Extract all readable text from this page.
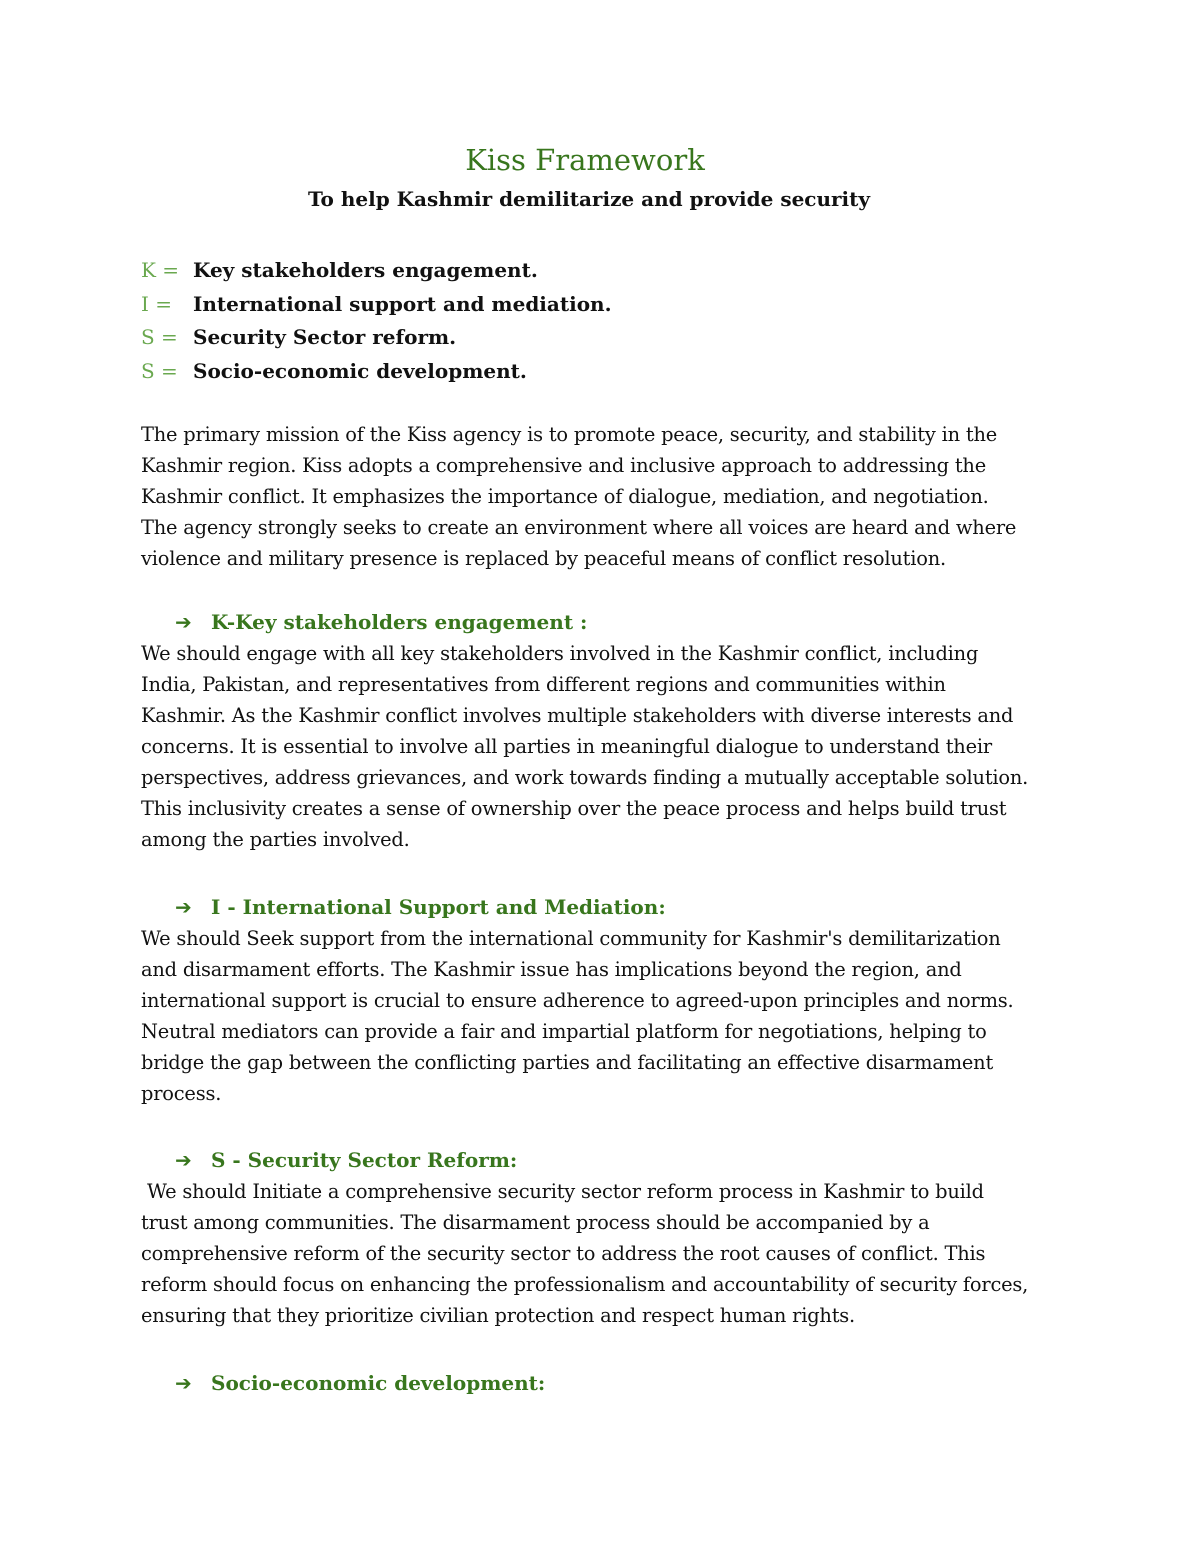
Kiss Framework
To help Kashmir demilitarize and provide security
K = Key stakeholders engagement.
I = International support and mediation.
S = Security Sector reform.
S = Socio-economic development.

The primary mission of the Kiss agency is to promote peace, security, and stability in the
Kashmir region. Kiss adopts a comprehensive and inclusive approach to addressing the
Kashmir conflict. It emphasizes the importance of dialogue, mediation, and negotiation.
The agency strongly seeks to create an environment where all voices are heard and where
violence and military presence is replaced by peaceful means of conflict resolution.

➔ K-Key stakeholders engagement :

We should engage with all key stakeholders involved in the Kashmir conflict, including
India, Pakistan, and representatives from different regions and communities within
Kashmir. As the Kashmir conflict involves multiple stakeholders with diverse interests and
concerns. It is essential to involve all parties in meaningful dialogue to understand their
perspectives, address grievances, and work towards finding a mutually acceptable solution.
This inclusivity creates a sense of ownership over the peace process and helps build trust
among the parties involved.

➔ I - International Support and Mediation:

We should Seek support from the international community for Kashmir's demilitarization
and disarmament efforts. The Kashmir issue has implications beyond the region, and
international support is crucial to ensure adherence to agreed-upon principles and norms.
Neutral mediators can provide a fair and impartial platform for negotiations, helping to
bridge the gap between the conflicting parties and facilitating an effective disarmament
process.

➔ S - Security Sector Reform:

We should Initiate a comprehensive security sector reform process in Kashmir to build
trust among communities. The disarmament process should be accompanied by a
comprehensive reform of the security sector to address the root causes of conflict. This
reform should focus on enhancing the professionalism and accountability of security forces,
ensuring that they prioritize civilian protection and respect human rights.

➔ Socio-economic development:
